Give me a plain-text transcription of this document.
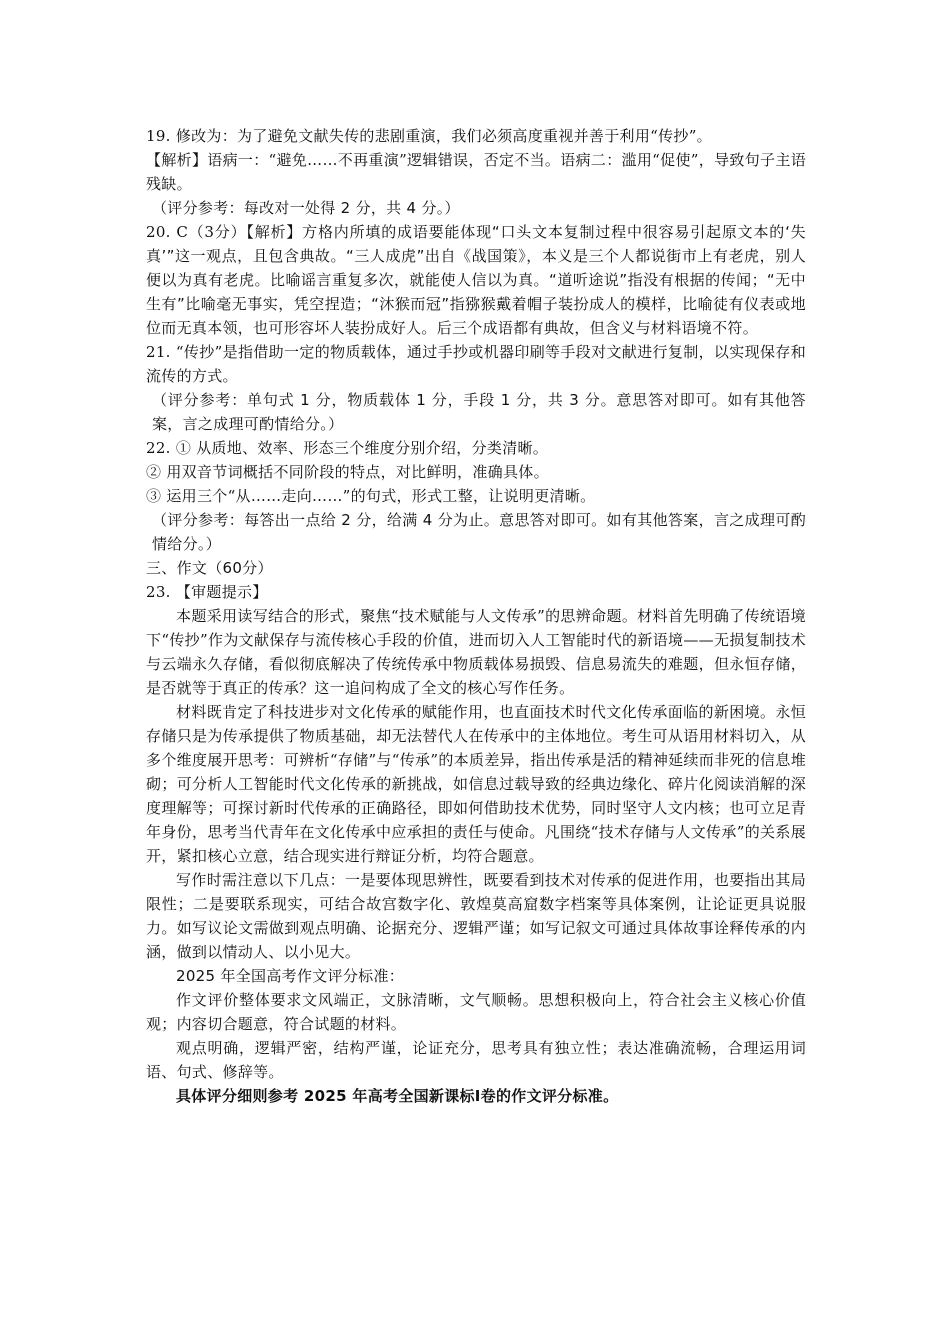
19. 修改为：为了避免文献失传的悲剧重演，我们必须高度重视并善于利用“传抄”。

【解析】语病一：“避免……不再重演”逻辑错误，否定不当。语病二：滥用“促使”，导致句子主语残缺。

（评分参考：每改对一处得 2 分，共 4 分。）

20. C（3分）【解析】方格内所填的成语要能体现“口头文本复制过程中很容易引起原文本的‘失真’”这一观点，且包含典故。“三人成虎”出自《战国策》，本义是三个人都说街市上有老虎，别人便以为真有老虎。比喻谣言重复多次，就能使人信以为真。“道听途说”指没有根据的传闻；“无中生有”比喻毫无事实，凭空捏造；“沐猴而冠”指猕猴戴着帽子装扮成人的模样，比喻徒有仪表或地位而无真本领，也可形容坏人装扮成好人。后三个成语都有典故，但含义与材料语境不符。

21. “传抄”是指借助一定的物质载体，通过手抄或机器印刷等手段对文献进行复制，以实现保存和流传的方式。

（评分参考：单句式 1 分，物质载体 1 分，手段 1 分，共 3 分。意思答对即可。如有其他答案，言之成理可酌情给分。）

22. ① 从质地、效率、形态三个维度分别介绍，分类清晰。

② 用双音节词概括不同阶段的特点，对比鲜明，准确具体。

③ 运用三个“从……走向……”的句式，形式工整，让说明更清晰。

（评分参考：每答出一点给 2 分，给满 4 分为止。意思答对即可。如有其他答案，言之成理可酌情给分。）

三、作文（60分）

23. 【审题提示】

本题采用读写结合的形式，聚焦“技术赋能与人文传承”的思辨命题。材料首先明确了传统语境下“传抄”作为文献保存与流传核心手段的价值，进而切入人工智能时代的新语境——无损复制技术与云端永久存储，看似彻底解决了传统传承中物质载体易损毁、信息易流失的难题，但永恒存储，是否就等于真正的传承？这一追问构成了全文的核心写作任务。

材料既肯定了科技进步对文化传承的赋能作用，也直面技术时代文化传承面临的新困境。永恒存储只是为传承提供了物质基础，却无法替代人在传承中的主体地位。考生可从语用材料切入，从多个维度展开思考：可辨析“存储”与“传承”的本质差异，指出传承是活的精神延续而非死的信息堆砌；可分析人工智能时代文化传承的新挑战，如信息过载导致的经典边缘化、碎片化阅读消解的深度理解等；可探讨新时代传承的正确路径，即如何借助技术优势，同时坚守人文内核；也可立足青年身份，思考当代青年在文化传承中应承担的责任与使命。凡围绕“技术存储与人文传承”的关系展开，紧扣核心立意，结合现实进行辩证分析，均符合题意。

写作时需注意以下几点：一是要体现思辨性，既要看到技术对传承的促进作用，也要指出其局限性；二是要联系现实，可结合故宫数字化、敦煌莫高窟数字档案等具体案例，让论证更具说服力。如写议论文需做到观点明确、论据充分、逻辑严谨；如写记叙文可通过具体故事诠释传承的内涵，做到以情动人、以小见大。

2025 年全国高考作文评分标准：

作文评价整体要求文风端正，文脉清晰，文气顺畅。思想积极向上，符合社会主义核心价值观；内容切合题意，符合试题的材料。

观点明确，逻辑严密，结构严谨，论证充分，思考具有独立性；表达准确流畅，合理运用词语、句式、修辞等。

具体评分细则参考 2025 年高考全国新课标Ⅰ卷的作文评分标准。
